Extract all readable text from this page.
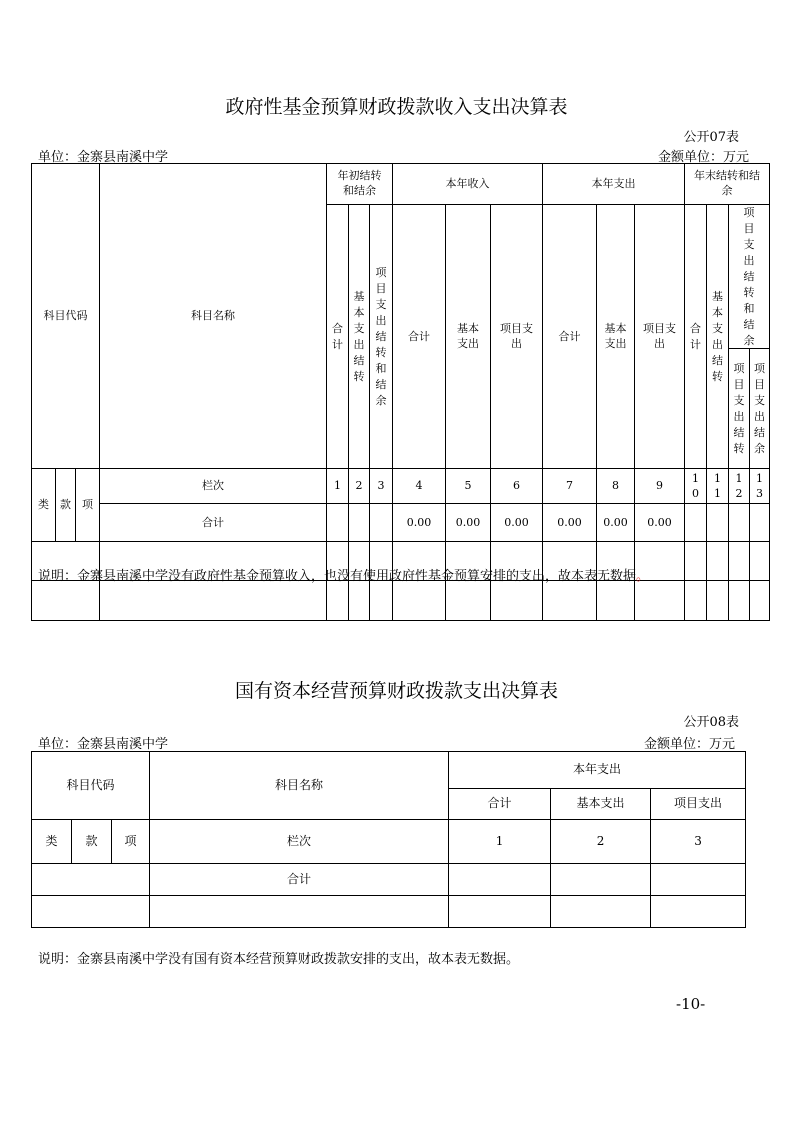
政府性基金预算财政拨款收入支出决算表
公开07表
单位：金寨县南溪中学	金额单位：万元
科目代码			科目名称	年初结转和结余			本年收入			本年支出			年末结转和结余			

				合计	基本支出结转	项目支出结转和结余	合计	基本支出	项目支出	合计	基本支出	项目支出	合计	基本支出结转	项目支出结转和结余	

															项目支出结转	项目支出结余

类	款	项	栏次	1	2	3	4	5	6	7	8	9	10	11	12	13

			合计				0.00	0.00	0.00	0.00	0.00	0.00				

说明：金寨县南溪中学没有政府性基金预算收入，也没有使用政府性基金预算安排的支出，故本表无数据。
国有资本经营预算财政拨款支出决算表
公开08表
单位：金寨县南溪中学	金额单位：万元
科目代码			科目名称	本年支出		
				合计	基本支出	项目支出
类	款	项	栏次	1	2	3
			合计			

说明：金寨县南溪中学没有国有资本经营预算财政拨款安排的支出，故本表无数据。
-10-
